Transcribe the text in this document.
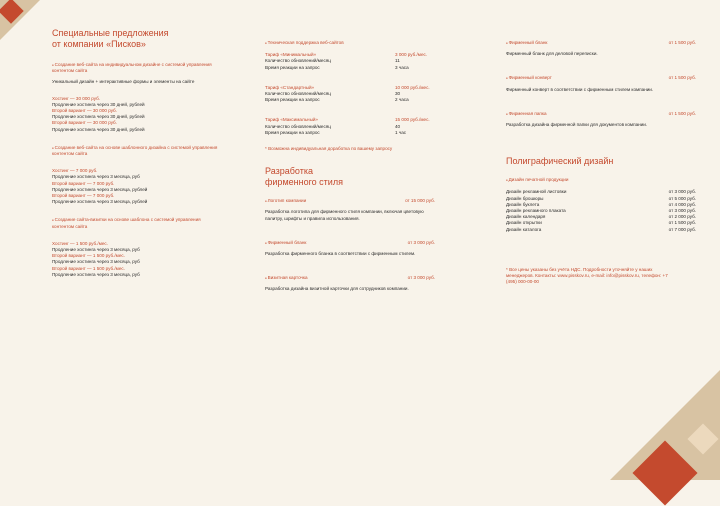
Специальные предложения
от компании «Писков»
● Создание веб-сайта на индивидуальном дизайне с системой управления контентом сайта
Уникальный дизайн + интерактивные формы и элементы на сайте
Хостинг — 30 000 руб.
Продление хостинга через 30 дней, рублей
Второй вариант — 30 000 руб.
Продление хостинга через 30 дней, рублей
Второй вариант — 30 000 руб.
Продление хостинга через 30 дней, рублей
● Создание веб-сайта на основе шаблонного дизайна с системой управления контентом сайта
Хостинг — 7 000 руб.
Продление хостинга через 3 месяца, руб
Второй вариант — 7 000 руб.
Продление хостинга через 3 месяца, рублей
Второй вариант — 7 000 руб.
Продление хостинга через 3 месяца, рублей
● Создание сайта-визитки на основе шаблона с системой управления контентом сайта
Хостинг — 1 500 руб./мес.
Продление хостинга через 3 месяца, руб
Второй вариант — 1 500 руб./мес.
Продление хостинга через 3 месяца, руб
Второй вариант — 1 500 руб./мес.
Продление хостинга через 3 месяца, руб
● Техническая поддержка веб-сайтов
Тариф «Минимальный»	3 000 руб./мес.
Количество обновлений/месяц	11
Время реакции на запрос	3 часа
Тариф «Стандартный»	10 000 руб./мес.
Количество обновлений/месяц	30
Время реакции на запрос	2 часа
Тариф «Максимальный»	15 000 руб./мес.
Количество обновлений/месяц	40
Время реакции на запрос	1 час
* Возможна индивидуальная доработка по вашему запросу
Разработка
фирменного стиля
● Логотип компании	от 15 000 руб.
Разработка логотипа для фирменного стиля компании, включая цветовую палитру, шрифты и правила использования.
● Фирменный бланк	от 3 000 руб.
Разработка фирменного бланка в соответствии с фирменным стилем.
● Визитная карточка	от 3 000 руб.
Разработка дизайна визитной карточки для сотрудников компании.
● Фирменный бланк	от 1 500 руб.
Фирменный бланк для деловой переписки.
● Фирменный конверт	от 1 500 руб.
Фирменный конверт в соответствии с фирменным стилем компании.
● Фирменная папка	от 1 500 руб.
Разработка дизайна фирменной папки для документов компании.
Полиграфический дизайн
● Дизайн печатной продукции
Дизайн рекламной листовки	от 3 000 руб.
Дизайн брошюры	от 5 000 руб.
Дизайн буклета	от 4 000 руб.
Дизайн рекламного плаката	от 3 000 руб.
Дизайн календаря	от 2 000 руб.
Дизайн открытки	от 1 500 руб.
Дизайн каталога	от 7 000 руб.
* Все цены указаны без учёта НДС. Подробности уточняйте у наших менеджеров. Контакты: www.pisskov.ru, e-mail: info@pisskov.ru, телефон: +7 (495) 000-00-00
